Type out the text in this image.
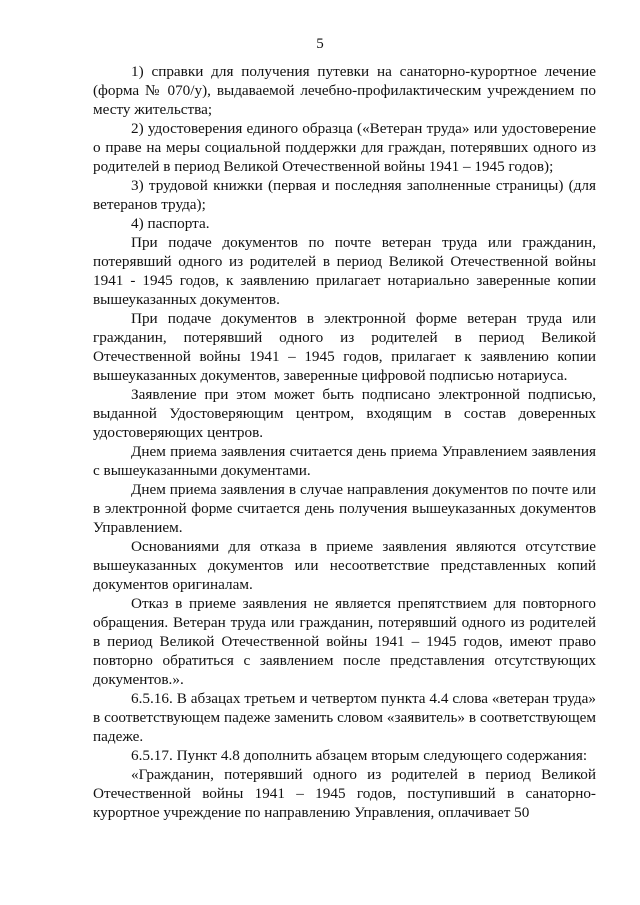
5

1) справки для получения путевки на санаторно-курортное лечение (форма № 070/у), выдаваемой лечебно-профилактическим учреждением по месту жительства;

2) удостоверения единого образца («Ветеран труда» или удостоверение о праве на меры социальной поддержки для граждан, потерявших одного из родителей в период Великой Отечественной войны 1941 – 1945 годов);

3) трудовой книжки (первая и последняя заполненные страницы) (для ветеранов труда);

4) паспорта.

При подаче документов по почте ветеран труда или гражданин, потерявший одного из родителей в период Великой Отечественной войны 1941 - 1945 годов, к заявлению прилагает нотариально заверенные копии вышеуказанных документов.

При подаче документов в электронной форме ветеран труда или гражданин, потерявший одного из родителей в период Великой Отечественной войны 1941 – 1945 годов, прилагает к заявлению копии вышеуказанных документов, заверенные цифровой подписью нотариуса.

Заявление при этом может быть подписано электронной подписью, выданной Удостоверяющим центром, входящим в состав доверенных удостоверяющих центров.

Днем приема заявления считается день приема Управлением заявления с вышеуказанными документами.

Днем приема заявления в случае направления документов по почте или в электронной форме считается день получения вышеуказанных документов Управлением.

Основаниями для отказа в приеме заявления являются отсутствие вышеуказанных документов или несоответствие представленных копий документов оригиналам.

Отказ в приеме заявления не является препятствием для повторного обращения. Ветеран труда или гражданин, потерявший одного из родителей в период Великой Отечественной войны 1941 – 1945 годов, имеют право повторно обратиться с заявлением после представления отсутствующих документов.».

6.5.16. В абзацах третьем и четвертом пункта 4.4 слова «ветеран труда» в соответствующем падеже заменить словом «заявитель» в соответствующем падеже.

6.5.17. Пункт 4.8 дополнить абзацем вторым следующего содержания:

«Гражданин, потерявший одного из родителей в период Великой Отечественной войны 1941 – 1945 годов, поступивший в санаторно-курортное учреждение по направлению Управления, оплачивает 50
